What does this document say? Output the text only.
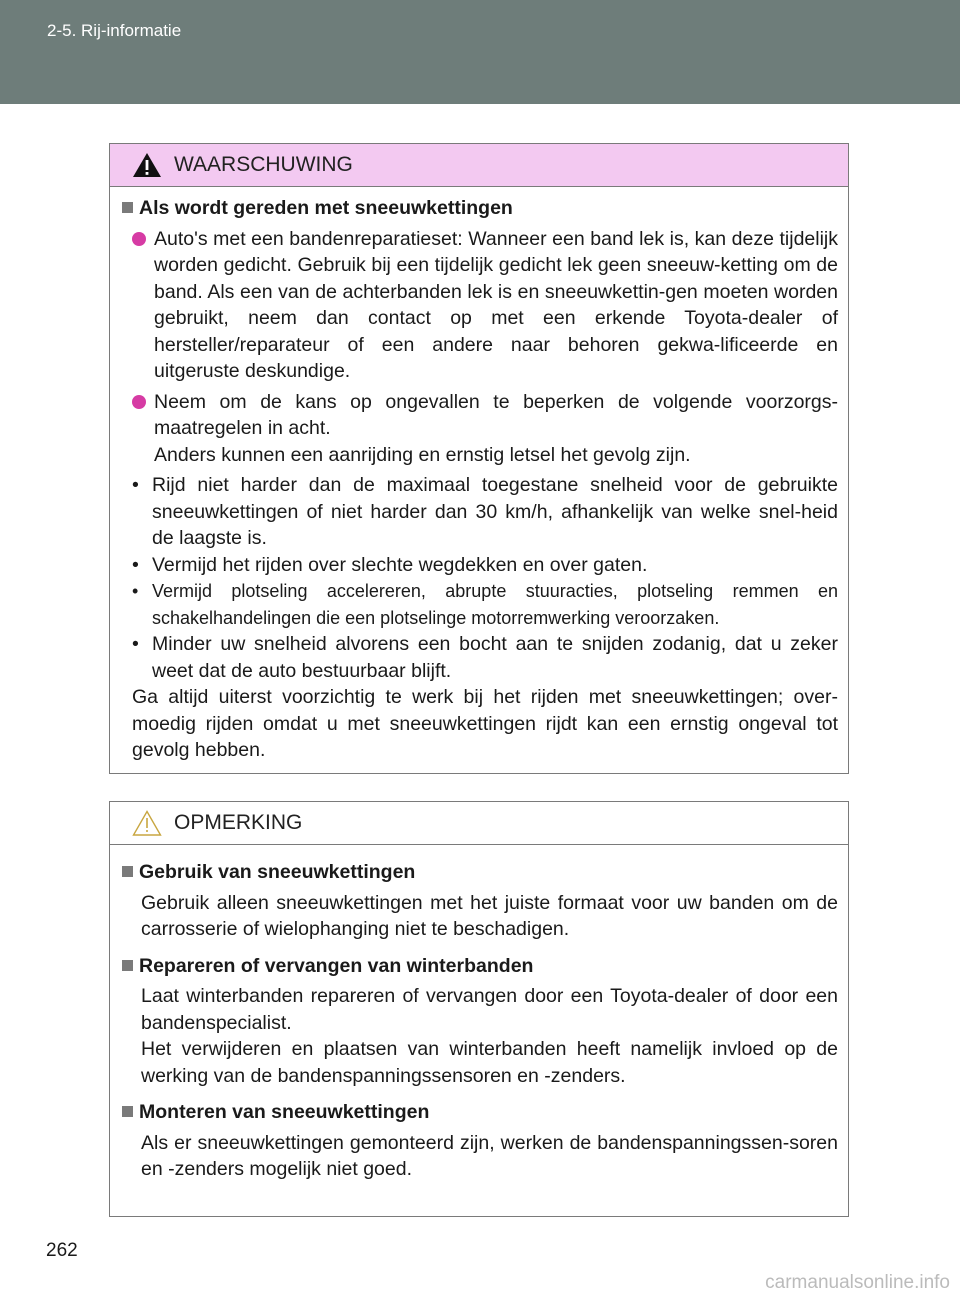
2-5. Rij-informatie
WAARSCHUWING
Als wordt gereden met sneeuwkettingen
Auto's met een bandenreparatieset: Wanneer een band lek is, kan deze tijdelijk worden gedicht. Gebruik bij een tijdelijk gedicht lek geen sneeuw-ketting om de band. Als een van de achterbanden lek is en sneeuwkettin-gen moeten worden gebruikt, neem dan contact op met een erkende Toyota-dealer of hersteller/reparateur of een andere naar behoren gekwa-lificeerde en uitgeruste deskundige.
Neem om de kans op ongevallen te beperken de volgende voorzorgs-maatregelen in acht.
Anders kunnen een aanrijding en ernstig letsel het gevolg zijn.
• Rijd niet harder dan de maximaal toegestane snelheid voor de gebruikte sneeuwkettingen of niet harder dan 30 km/h, afhankelijk van welke snel-heid de laagste is.
• Vermijd het rijden over slechte wegdekken en over gaten.
• Vermijd plotseling accelereren, abrupte stuuracties, plotseling remmen en schakelhandelingen die een plotselinge motorremwerking veroorzaken.
• Minder uw snelheid alvorens een bocht aan te snijden zodanig, dat u zeker weet dat de auto bestuurbaar blijft.
Ga altijd uiterst voorzichtig te werk bij het rijden met sneeuwkettingen; over-moedig rijden omdat u met sneeuwkettingen rijdt kan een ernstig ongeval tot gevolg hebben.
OPMERKING
Gebruik van sneeuwkettingen
Gebruik alleen sneeuwkettingen met het juiste formaat voor uw banden om de carrosserie of wielophanging niet te beschadigen.
Repareren of vervangen van winterbanden
Laat winterbanden repareren of vervangen door een Toyota-dealer of door een bandenspecialist.
Het verwijderen en plaatsen van winterbanden heeft namelijk invloed op de werking van de bandenspanningssensoren en -zenders.
Monteren van sneeuwkettingen
Als er sneeuwkettingen gemonteerd zijn, werken de bandenspanningssen-soren en -zenders mogelijk niet goed.
262
carmanualsonline.info
